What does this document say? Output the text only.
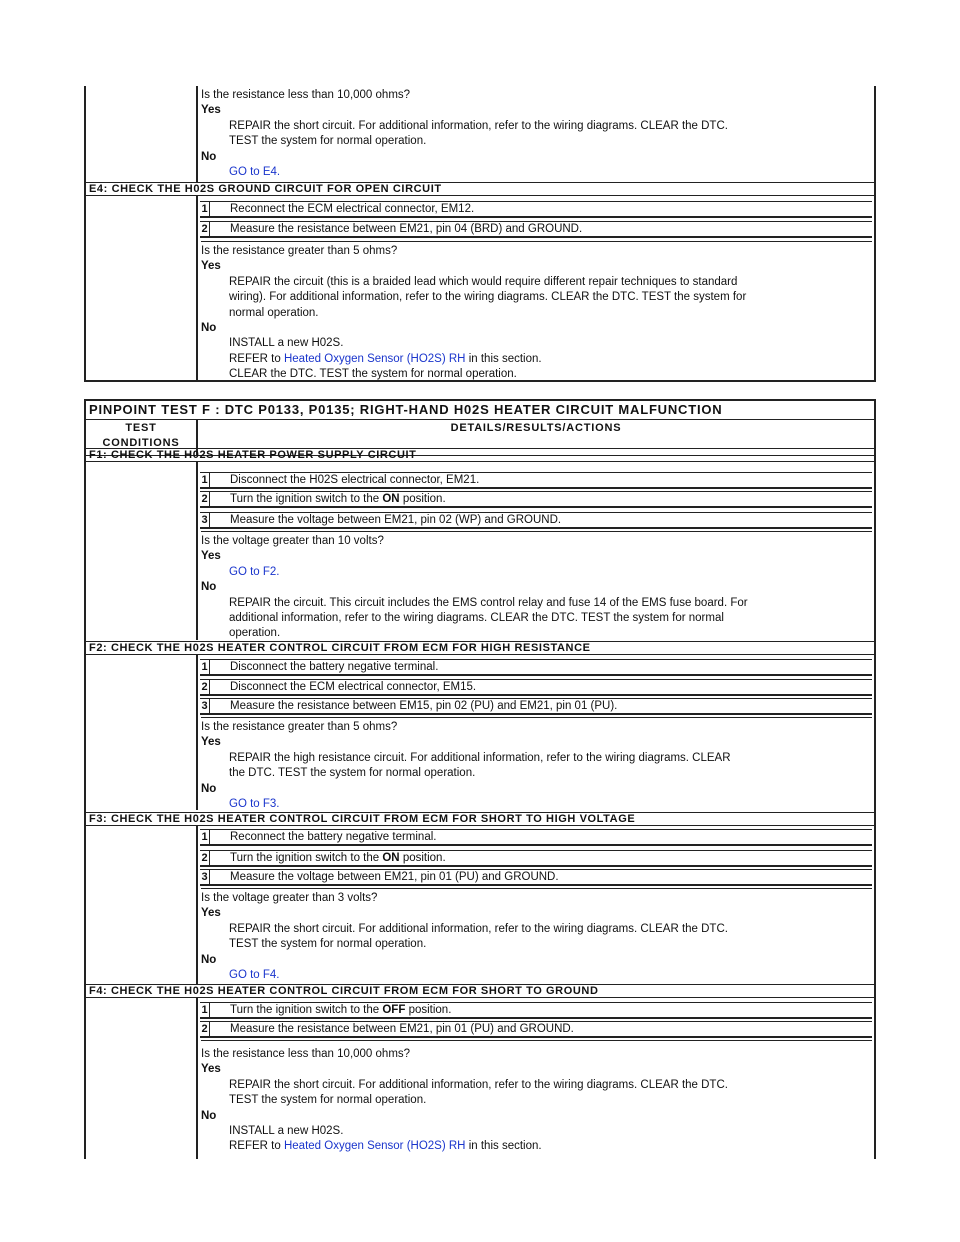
Is the resistance less than 10,000 ohms?
Yes
REPAIR the short circuit. For additional information, refer to the wiring diagrams. CLEAR the DTC.
TEST the system for normal operation.
No
GO to E4.
E4: CHECK THE H02S GROUND CIRCUIT FOR OPEN CIRCUIT
1 Reconnect the ECM electrical connector, EM12.
2 Measure the resistance between EM21, pin 04 (BRD) and GROUND.
Is the resistance greater than 5 ohms?
Yes
REPAIR the circuit (this is a braided lead which would require different repair techniques to standard
wiring). For additional information, refer to the wiring diagrams. CLEAR the DTC. TEST the system for
normal operation.
No
INSTALL a new H02S.
REFER to Heated Oxygen Sensor (HO2S) RH in this section.
CLEAR the DTC. TEST the system for normal operation.
PINPOINT TEST F : DTC P0133, P0135; RIGHT-HAND H02S HEATER CIRCUIT MALFUNCTION
TEST
CONDITIONS
DETAILS/RESULTS/ACTIONS
F1: CHECK THE H02S HEATER POWER SUPPLY CIRCUIT
1 Disconnect the H02S electrical connector, EM21.
2 Turn the ignition switch to the ON position.
3 Measure the voltage between EM21, pin 02 (WP) and GROUND.
Is the voltage greater than 10 volts?
Yes
GO to F2.
No
REPAIR the circuit. This circuit includes the EMS control relay and fuse 14 of the EMS fuse board. For
additional information, refer to the wiring diagrams. CLEAR the DTC. TEST the system for normal
operation.
F2: CHECK THE H02S HEATER CONTROL CIRCUIT FROM ECM FOR HIGH RESISTANCE
1 Disconnect the battery negative terminal.
2 Disconnect the ECM electrical connector, EM15.
3 Measure the resistance between EM15, pin 02 (PU) and EM21, pin 01 (PU).
Is the resistance greater than 5 ohms?
Yes
REPAIR the high resistance circuit. For additional information, refer to the wiring diagrams. CLEAR
the DTC. TEST the system for normal operation.
No
GO to F3.
F3: CHECK THE H02S HEATER CONTROL CIRCUIT FROM ECM FOR SHORT TO HIGH VOLTAGE
1 Reconnect the battery negative terminal.
2 Turn the ignition switch to the ON position.
3 Measure the voltage between EM21, pin 01 (PU) and GROUND.
Is the voltage greater than 3 volts?
Yes
REPAIR the short circuit. For additional information, refer to the wiring diagrams. CLEAR the DTC.
TEST the system for normal operation.
No
GO to F4.
F4: CHECK THE H02S HEATER CONTROL CIRCUIT FROM ECM FOR SHORT TO GROUND
1 Turn the ignition switch to the OFF position.
2 Measure the resistance between EM21, pin 01 (PU) and GROUND.
Is the resistance less than 10,000 ohms?
Yes
REPAIR the short circuit. For additional information, refer to the wiring diagrams. CLEAR the DTC.
TEST the system for normal operation.
No
INSTALL a new H02S.
REFER to Heated Oxygen Sensor (HO2S) RH in this section.
